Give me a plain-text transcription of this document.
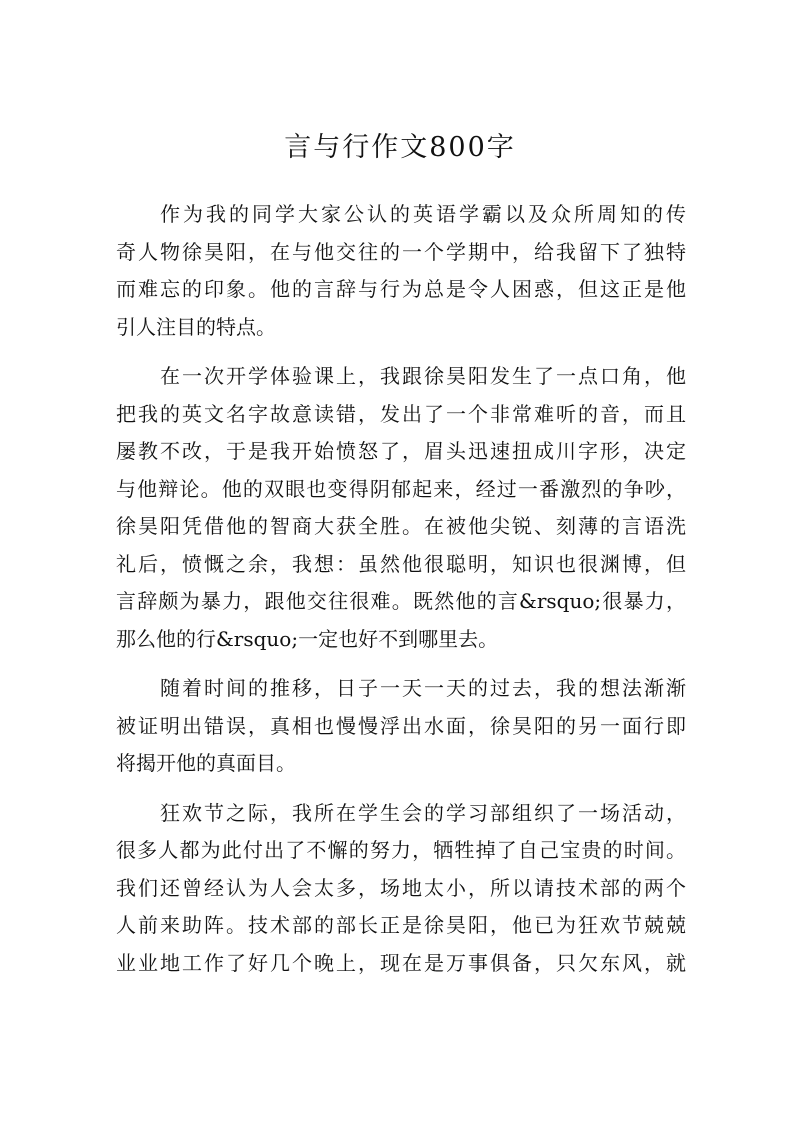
言与行作文800字
作为我的同学大家公认的英语学霸以及众所周知的传
奇人物徐昊阳，在与他交往的一个学期中，给我留下了独特
而难忘的印象。他的言辞与行为总是令人困惑，但这正是他
引人注目的特点。
在一次开学体验课上，我跟徐昊阳发生了一点口角，他
把我的英文名字故意读错，发出了一个非常难听的音，而且
屡教不改，于是我开始愤怒了，眉头迅速扭成川字形，决定
与他辩论。他的双眼也变得阴郁起来，经过一番激烈的争吵，
徐昊阳凭借他的智商大获全胜。在被他尖锐、刻薄的言语洗
礼后，愤慨之余，我想：虽然他很聪明，知识也很渊博，但
言辞颇为暴力，跟他交往很难。既然他的言&rsquo;很暴力，
那么他的行&rsquo;一定也好不到哪里去。
随着时间的推移，日子一天一天的过去，我的想法渐渐
被证明出错误，真相也慢慢浮出水面，徐昊阳的另一面行即
将揭开他的真面目。
狂欢节之际，我所在学生会的学习部组织了一场活动，
很多人都为此付出了不懈的努力，牺牲掉了自己宝贵的时间。
我们还曾经认为人会太多，场地太小，所以请技术部的两个
人前来助阵。技术部的部长正是徐昊阳，他已为狂欢节兢兢
业业地工作了好几个晚上，现在是万事俱备，只欠东风，就
